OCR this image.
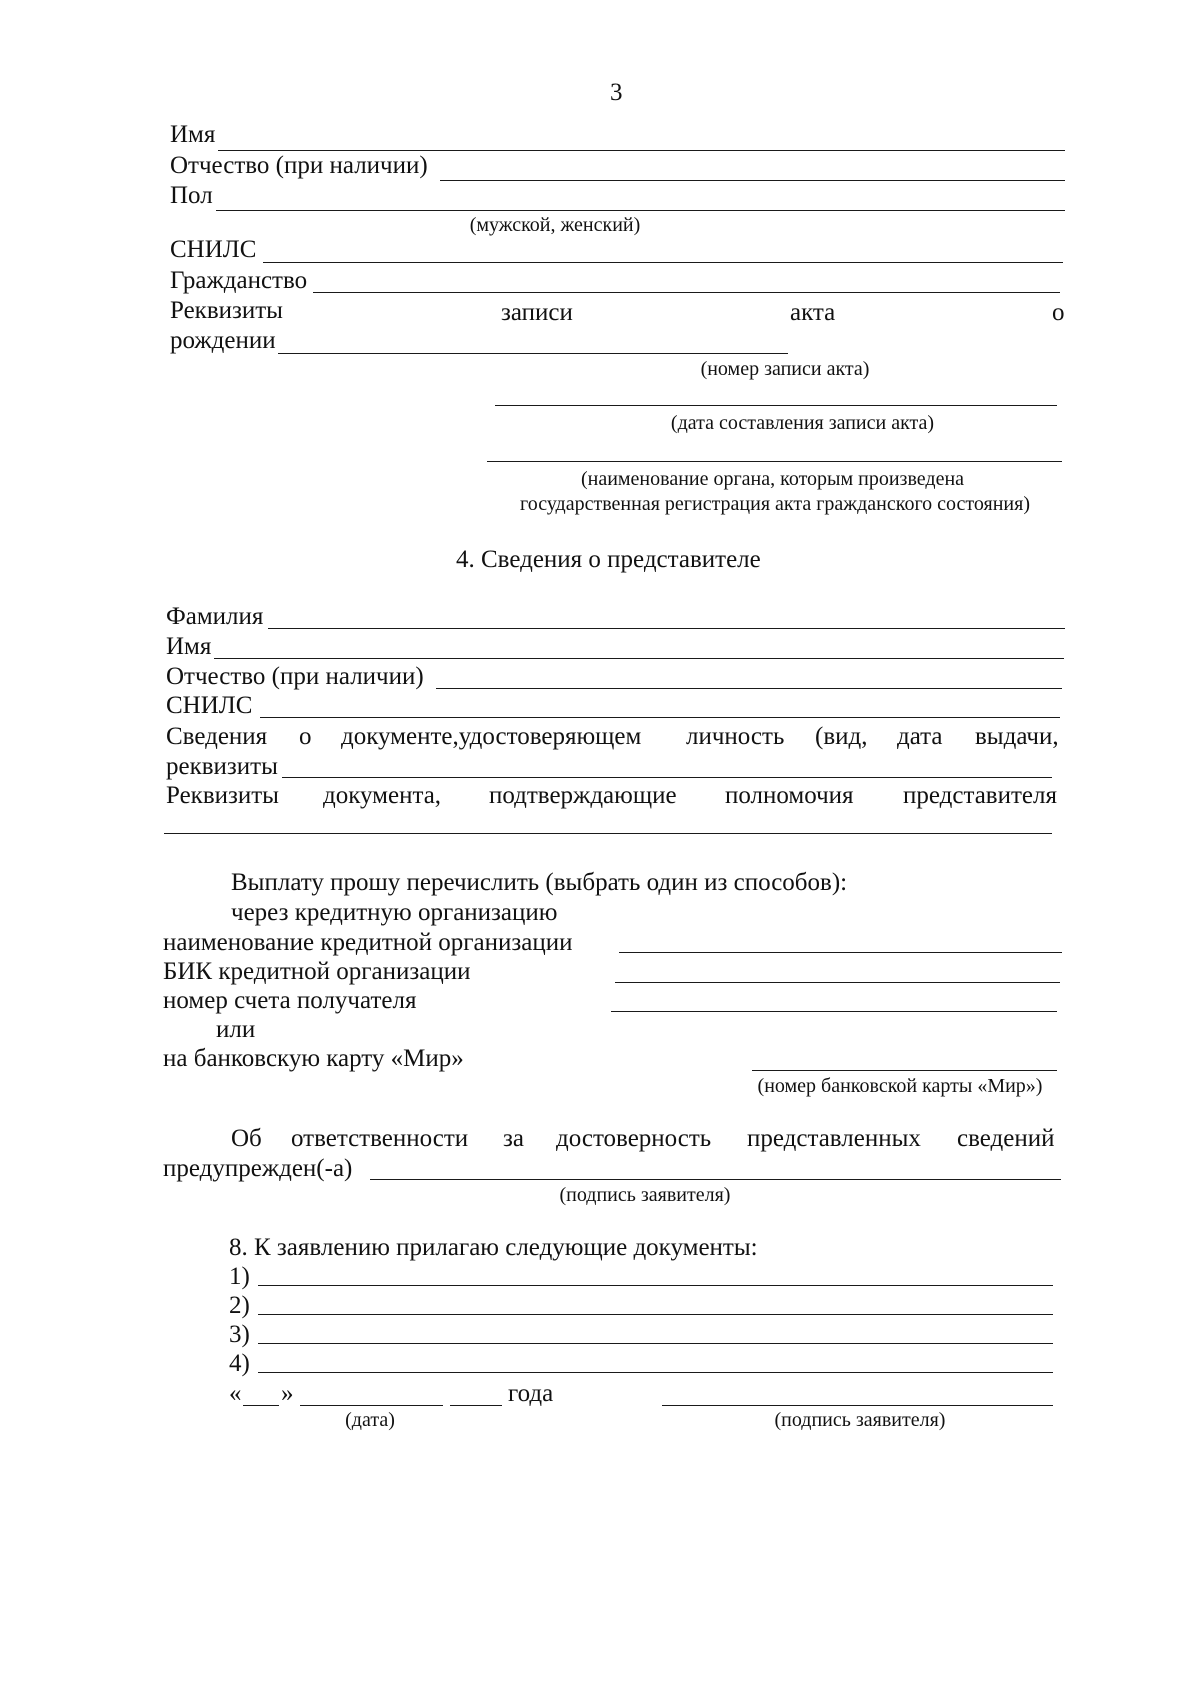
3
Имя
Отчество (при наличии)
Пол
(мужской, женский)
СНИЛС
Гражданство
Реквизиты	записи	акта	о
рождении
(номер записи акта)
(дата составления записи акта)
(наименование органа, которым произведена
государственная регистрация акта гражданского состояния)
4. Сведения о представителе
Фамилия
Имя
Отчество (при наличии)
СНИЛС
Сведения о документе,удостоверяющем личность (вид, дата выдачи,
реквизиты
Реквизиты документа, подтверждающие полномочия представителя
Выплату прошу перечислить (выбрать один из способов):
через кредитную организацию
наименование кредитной организации
БИК кредитной организации
номер счета получателя
или
на банковскую карту «Мир»
(номер банковской карты «Мир»)
Об ответственности за достоверность представленных сведений
предупрежден(-а)
(подпись заявителя)
8. К заявлению прилагаю следующие документы:
1)
2)
3)
4)
« »	года
(дата)	(подпись заявителя)
